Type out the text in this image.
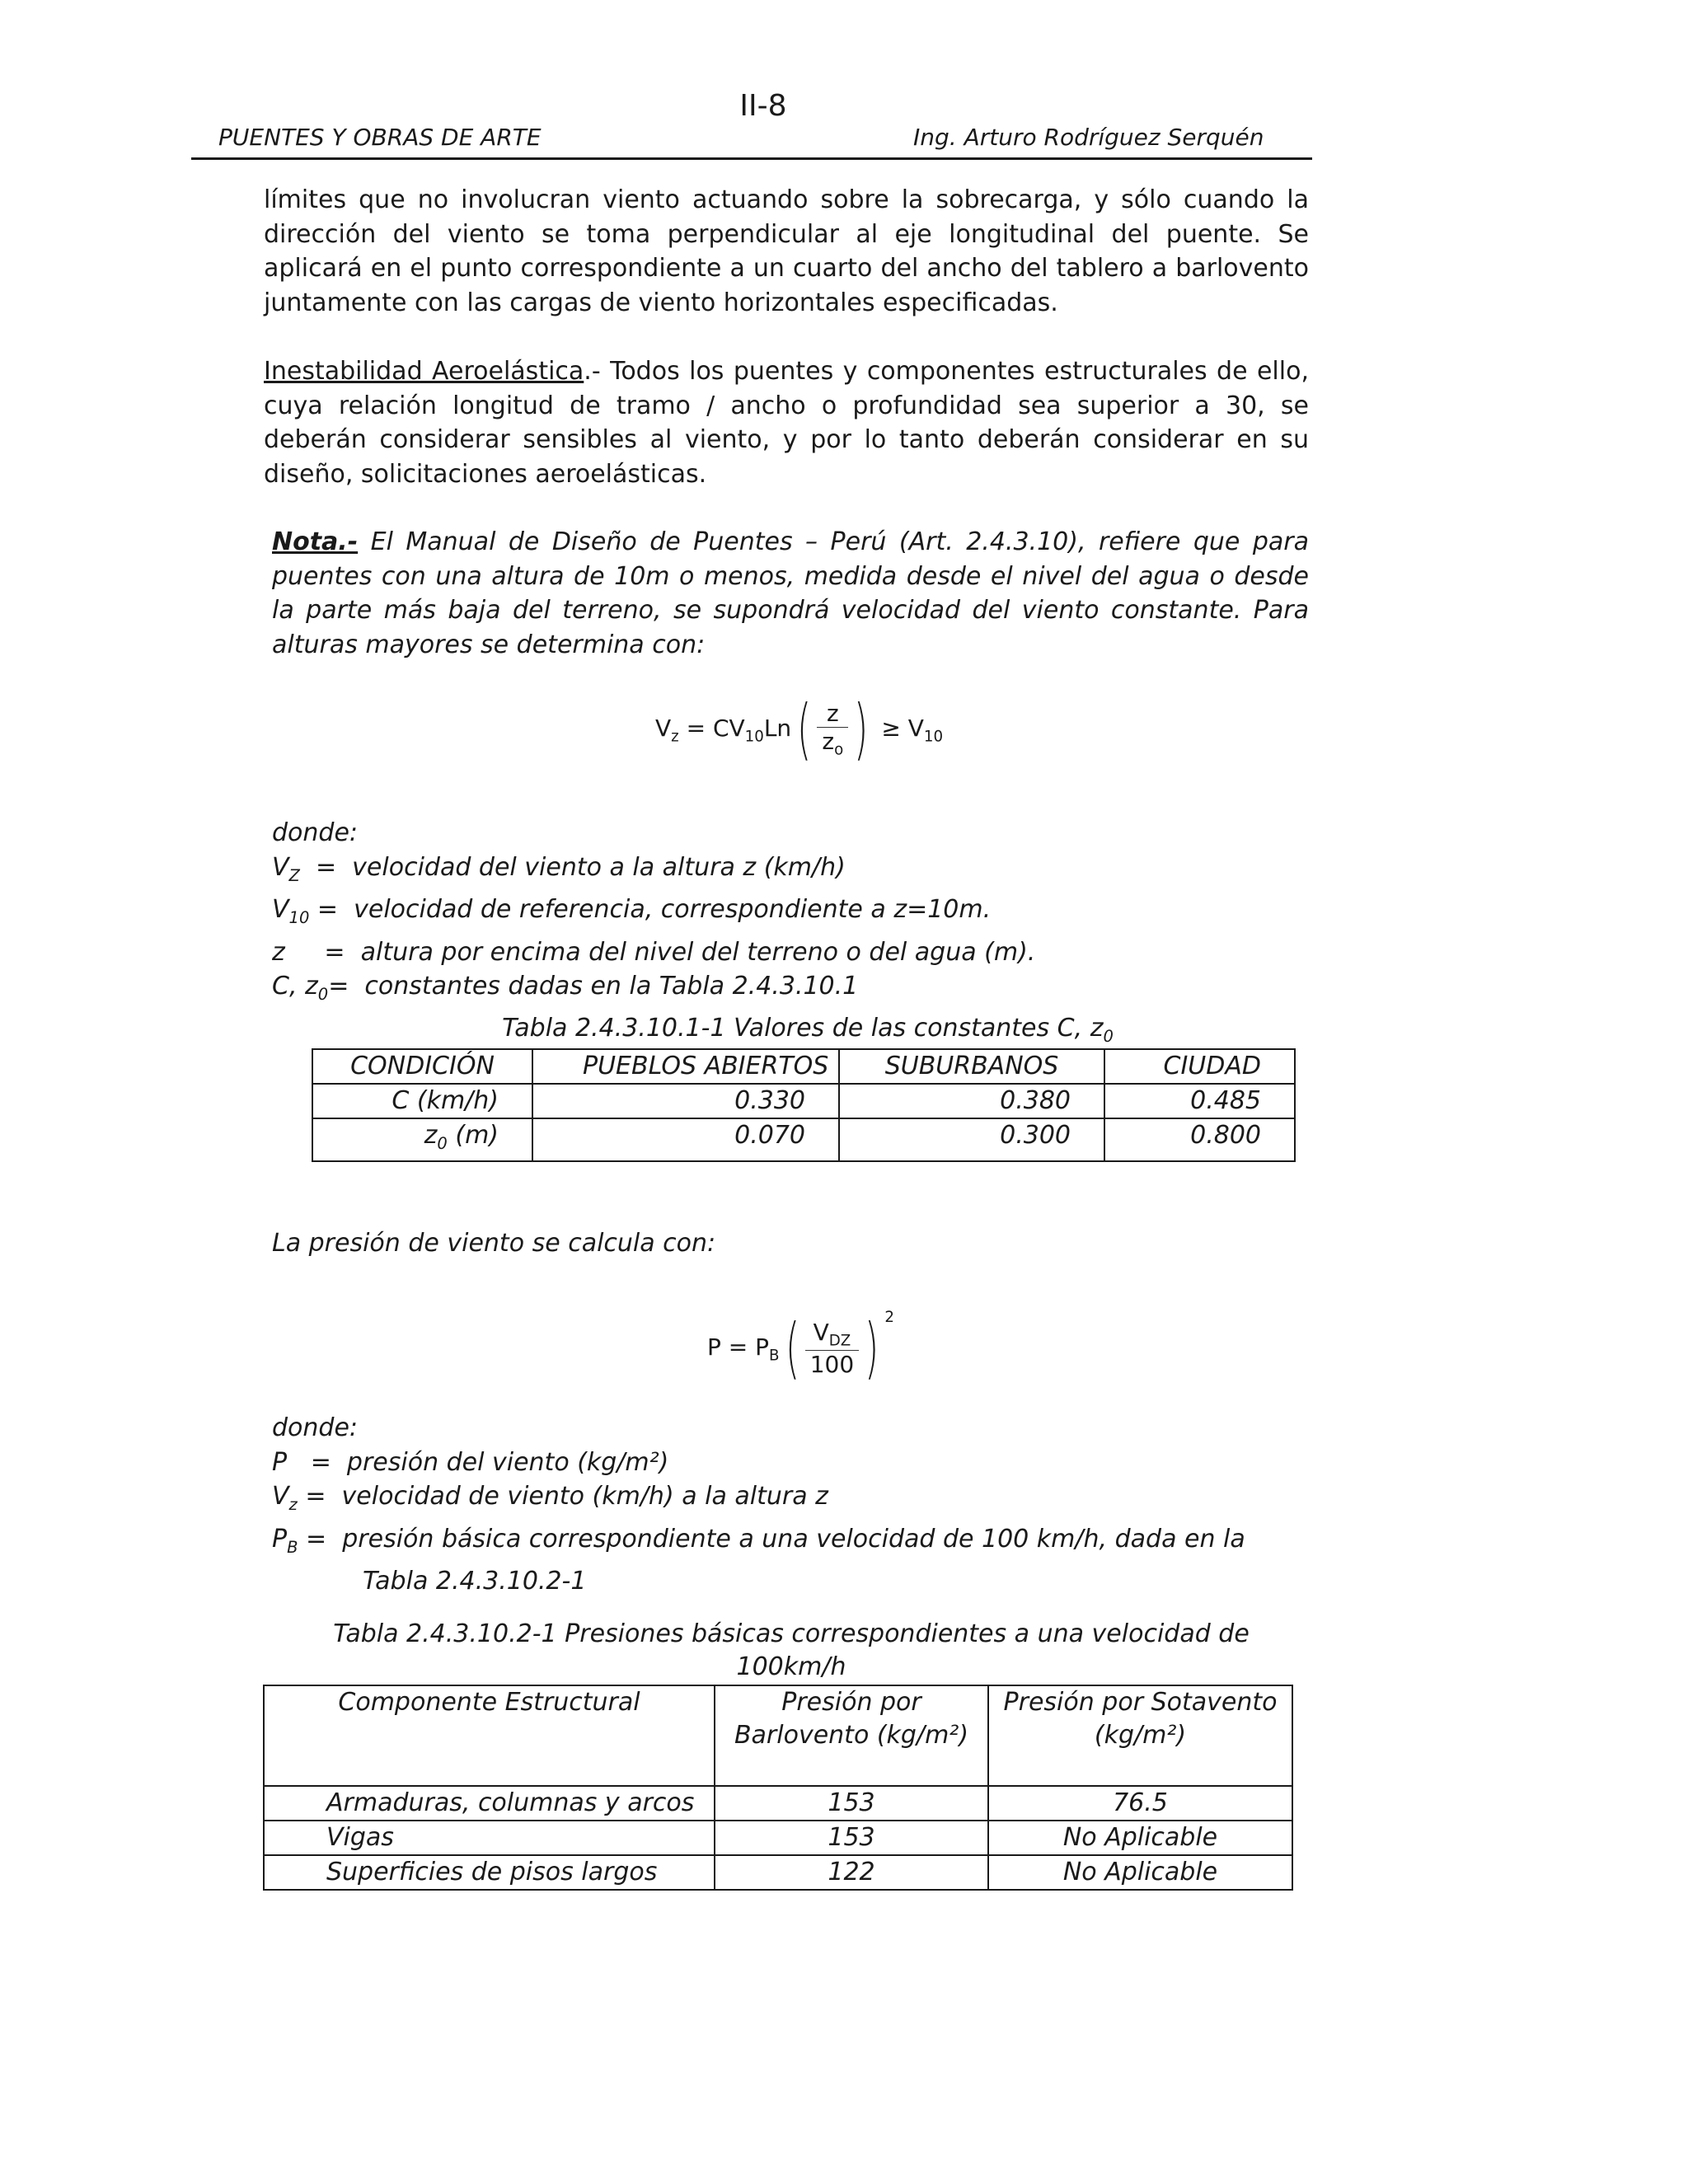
II-8
PUENTES Y OBRAS DE ARTE	Ing. Arturo Rodríguez Serquén
límites que no involucran viento actuando sobre la sobrecarga, y sólo cuando la dirección del viento se toma perpendicular al eje longitudinal del puente. Se aplicará en el punto correspondiente a un cuarto del ancho del tablero a barlovento juntamente con las cargas de viento horizontales especificadas.
Inestabilidad Aeroelástica.- Todos los puentes y componentes estructurales de ello, cuya relación longitud de tramo / ancho o profundidad sea superior a 30, se deberán considerar sensibles al viento, y por lo tanto deberán considerar en su diseño, solicitaciones aeroelásticas.
Nota.- El Manual de Diseño de Puentes – Perú (Art. 2.4.3.10), refiere que para puentes con una altura de 10m o menos, medida desde el nivel del agua o desde la parte más baja del terreno, se supondrá velocidad del viento constante. Para alturas mayores se determina con:
$V_z = CV_{10}Ln( \frac{z}{z_o}$ ) ≥ $V_{10}$
donde:
$V_Z$  =  velocidad del viento a la altura z (km/h)
$V_{10}$ =  velocidad de referencia, correspondiente a z=10m.
z     =  altura por encima del nivel del terreno o del agua (m).
C, $z_0=$  constantes dadas en la Tabla 2.4.3.10.1
Tabla 2.4.3.10.1-1 Valores de las constantes C, $z_0$
CONDICIÓN	PUEBLOS ABIERTOS	SUBURBANOS	CIUDAD
C (km/h)	0.330	0.380	0.485
$z_0$ (m)	0.070	0.300	0.800
La presión de viento se calcula con:
$P = P_B( \frac{V_{DZ}}{100}$ ) $^2$
donde:
P   =  presión del viento (kg/m²)
$V_z$ =  velocidad de viento (km/h) a la altura z
$P_B$ =  presión básica correspondiente a una velocidad de 100 km/h, dada en la
Tabla 2.4.3.10.2-1
Tabla 2.4.3.10.2-1 Presiones básicas correspondientes a una velocidad de
100km/h
Componente Estructural	Presión por Barlovento (kg/m²)	Presión por Sotavento (kg/m²)
Armaduras, columnas y arcos	153	76.5
Vigas	153	No Aplicable
Superficies de pisos largos	122	No Aplicable
